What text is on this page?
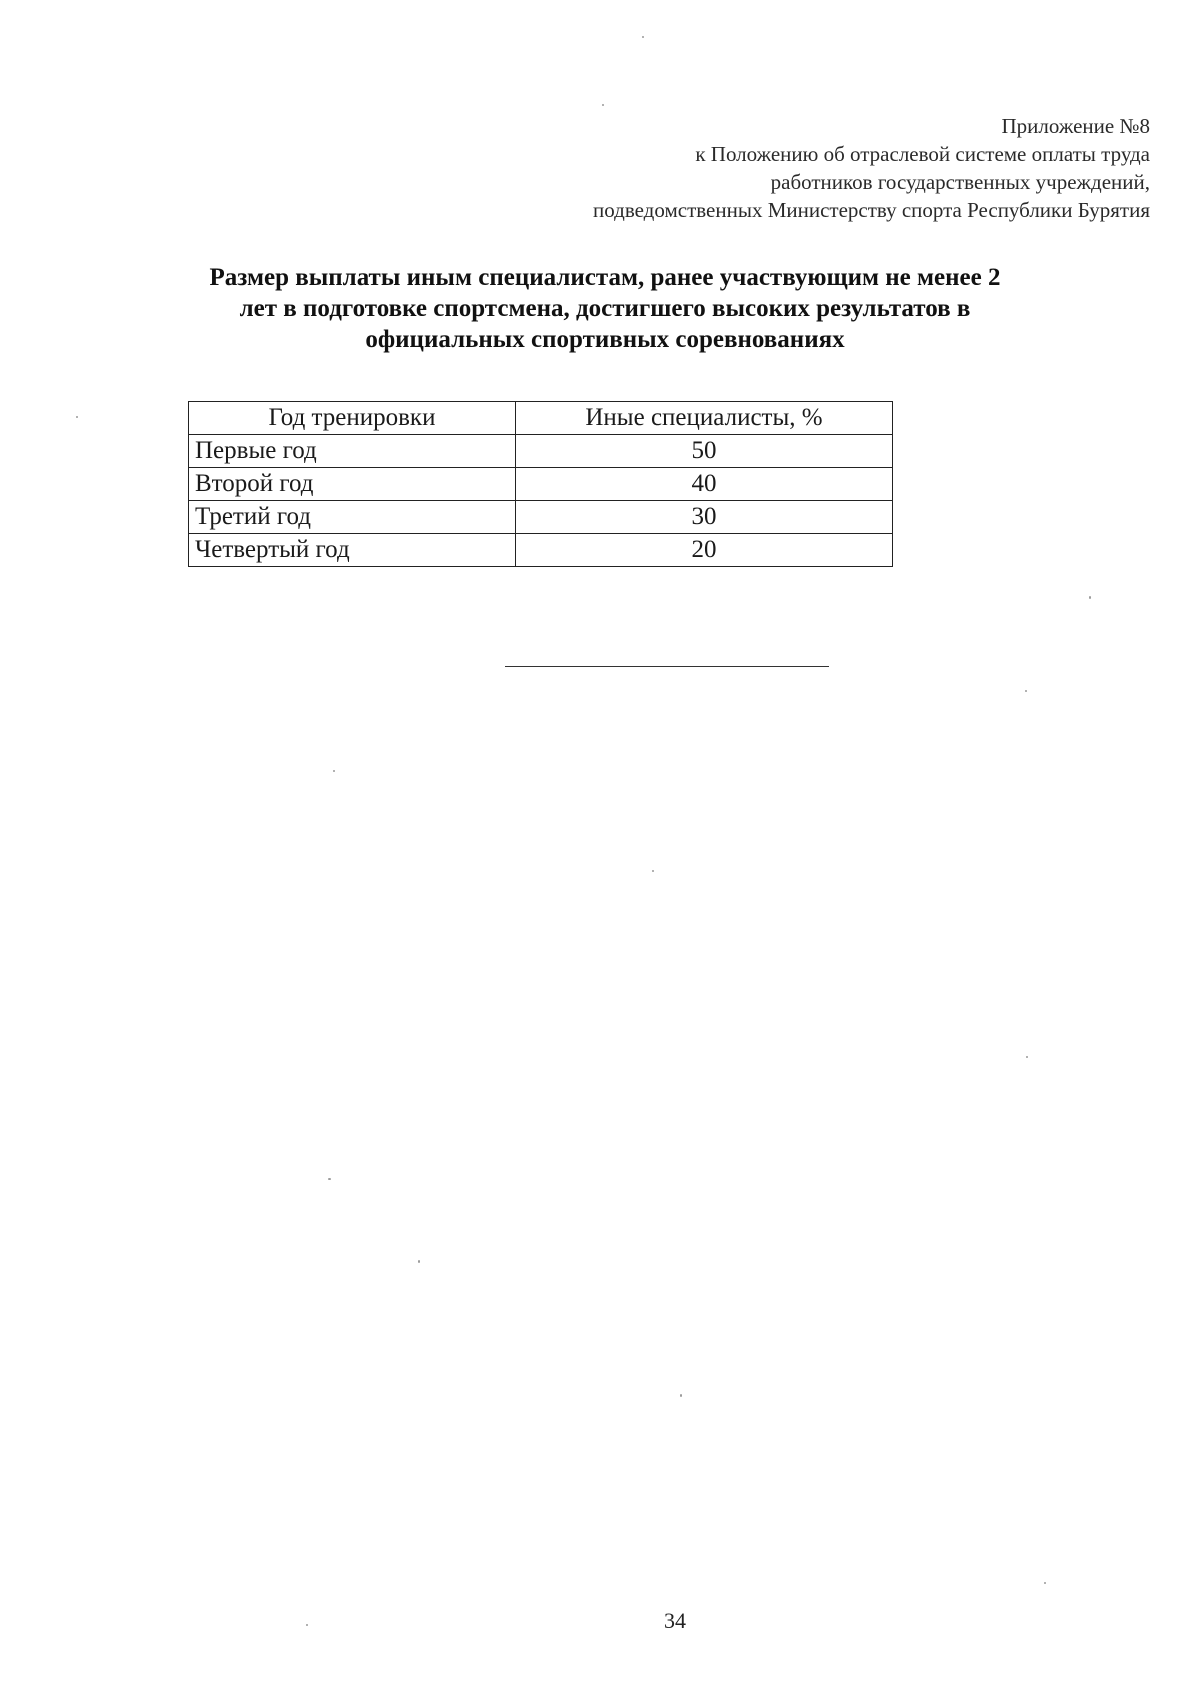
Приложение №8
к Положению об отраслевой системе оплаты труда
работников государственных учреждений,
подведомственных Министерству спорта Республики Бурятия
Размер выплаты иным специалистам, ранее участвующим не менее 2
лет в подготовке спортсмена, достигшего высоких результатов в
официальных спортивных соревнованиях
Год тренировки	Иные специалисты, %
Первые год	50
Второй год	40
Третий год	30
Четвертый год	20
34
